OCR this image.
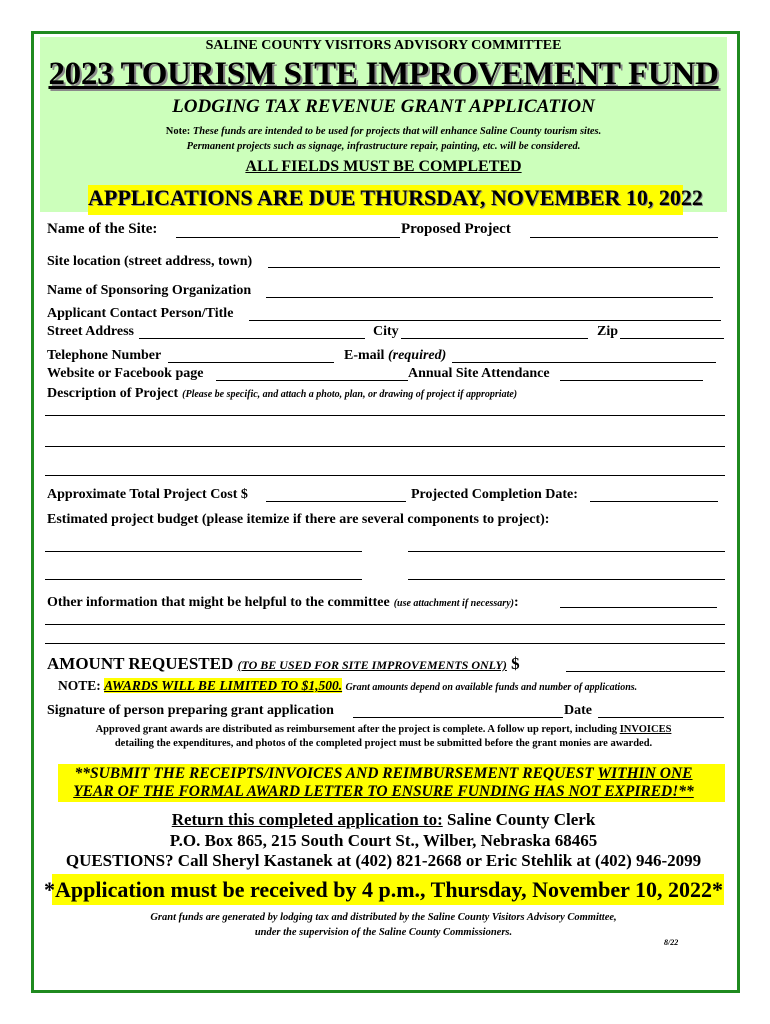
SALINE COUNTY VISITORS ADVISORY COMMITTEE
2023 TOURISM SITE IMPROVEMENT FUND
LODGING TAX REVENUE GRANT APPLICATION
Note: These funds are intended to be used for projects that will enhance Saline County tourism sites.
Permanent projects such as signage, infrastructure repair, painting, etc. will be considered.
ALL FIELDS MUST BE COMPLETED
APPLICATIONS ARE DUE THURSDAY, NOVEMBER 10, 2022
Name of the Site:	Proposed Project
Site location (street address, town)
Name of Sponsoring Organization
Applicant Contact Person/Title
Street Address	City	Zip
Telephone Number	E-mail (required)
Website or Facebook page	Annual Site Attendance
Description of Project (Please be specific, and attach a photo, plan, or drawing of project if appropriate)
Approximate Total Project Cost $	Projected Completion Date:
Estimated project budget (please itemize if there are several components to project):
Other information that might be helpful to the committee (use attachment if necessary):
AMOUNT REQUESTED (TO BE USED FOR SITE IMPROVEMENTS ONLY) $
NOTE: AWARDS WILL BE LIMITED TO $1,500. Grant amounts depend on available funds and number of applications.
Signature of person preparing grant application	Date
Approved grant awards are distributed as reimbursement after the project is complete. A follow up report, including INVOICES
detailing the expenditures, and photos of the completed project must be submitted before the grant monies are awarded.
**SUBMIT THE RECEIPTS/INVOICES AND REIMBURSEMENT REQUEST WITHIN ONE
YEAR OF THE FORMAL AWARD LETTER TO ENSURE FUNDING HAS NOT EXPIRED!**
Return this completed application to: Saline County Clerk
P.O. Box 865, 215 South Court St., Wilber, Nebraska 68465
QUESTIONS? Call Sheryl Kastanek at (402) 821-2668 or Eric Stehlik at (402) 946-2099
*Application must be received by 4 p.m., Thursday, November 10, 2022*
Grant funds are generated by lodging tax and distributed by the Saline County Visitors Advisory Committee,
under the supervision of the Saline County Commissioners.
8/22
